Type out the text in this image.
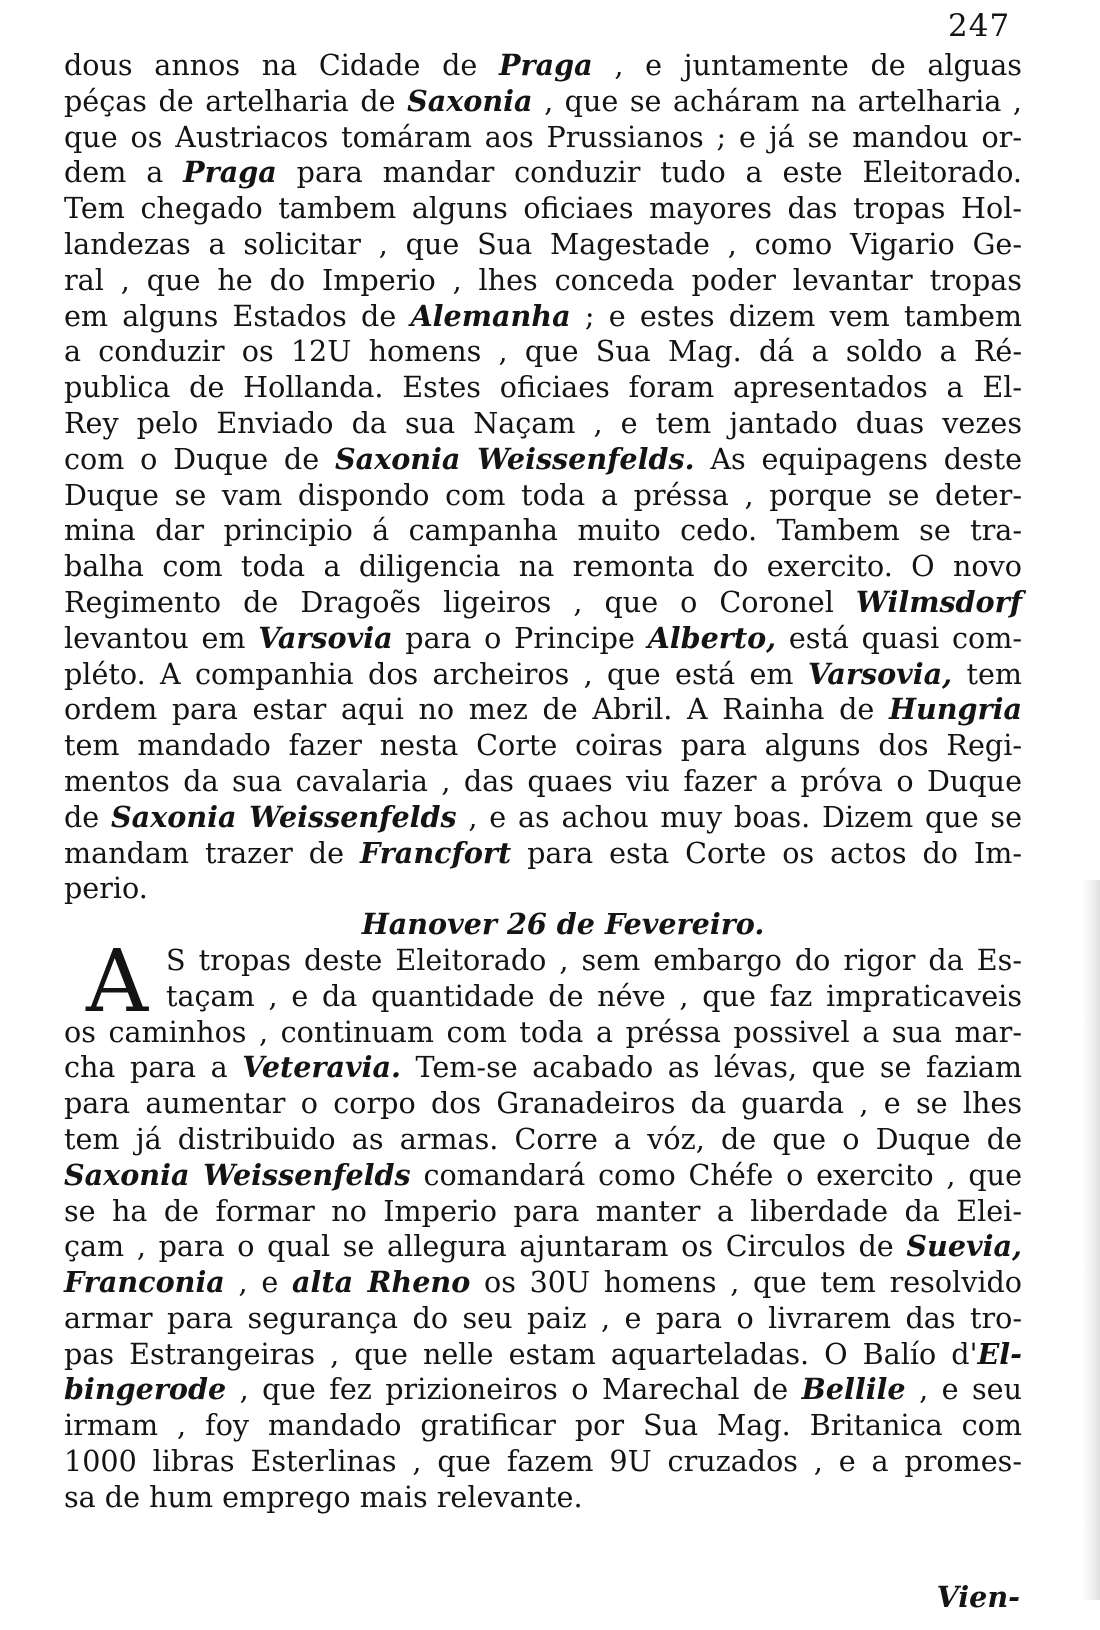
247
dous annos na Cidade de Praga , e juntamente de alguas
péças de artelharia de Saxonia , que se acháram na artelharia ,
que os Austriacos tomáram aos Prussianos ; e já se mandou or-
dem a Praga para mandar conduzir tudo a este Eleitorado.
Tem chegado tambem alguns oficiaes mayores das tropas Hol-
landezas a solicitar , que Sua Magestade , como Vigario Ge-
ral , que he do Imperio , lhes conceda poder levantar tropas
em alguns Estados de Alemanha ; e estes dizem vem tambem
a conduzir os 12U homens , que Sua Mag. dá a soldo a Ré-
publica de Hollanda. Estes oficiaes foram apresentados a El-
Rey pelo Enviado da sua Naçam , e tem jantado duas vezes
com o Duque de Saxonia Weissenfelds. As equipagens deste
Duque se vam dispondo com toda a préssa , porque se deter-
mina dar principio á campanha muito cedo. Tambem se tra-
balha com toda a diligencia na remonta do exercito. O novo
Regimento de Dragoẽs ligeiros , que o Coronel Wilmsdorf
levantou em Varsovia para o Principe Alberto, está quasi com-
pléto. A companhia dos archeiros , que está em Varsovia, tem
ordem para estar aqui no mez de Abril. A Rainha de Hungria
tem mandado fazer nesta Corte coiras para alguns dos Regi-
mentos da sua cavalaria , das quaes viu fazer a próva o Duque
de Saxonia Weissenfelds , e as achou muy boas. Dizem que se
mandam trazer de Francfort para esta Corte os actos do Im-
perio.
Hanover 26 de Fevereiro.
A S tropas deste Eleitorado , sem embargo do rigor da Es-
taçam , e da quantidade de néve , que faz impraticaveis
os caminhos , continuam com toda a préssa possivel a sua mar-
cha para a Veteravia. Tem-se acabado as lévas, que se faziam
para aumentar o corpo dos Granadeiros da guarda , e se lhes
tem já distribuido as armas. Corre a vóz, de que o Duque de
Saxonia Weissenfelds comandará como Chéfe o exercito , que
se ha de formar no Imperio para manter a liberdade da Elei-
çam , para o qual se allegura ajuntaram os Circulos de Suevia,
Franconia , e alta Rheno os 30U homens , que tem resolvido
armar para segurança do seu paiz , e para o livrarem das tro-
pas Estrangeiras , que nelle estam aquarteladas. O Balío d'El-
bingerode , que fez prizioneiros o Marechal de Bellile , e seu
irmam , foy mandado gratificar por Sua Mag. Britanica com
1000 libras Esterlinas , que fazem 9U cruzados , e a promes-
sa de hum emprego mais relevante.
Vien-
